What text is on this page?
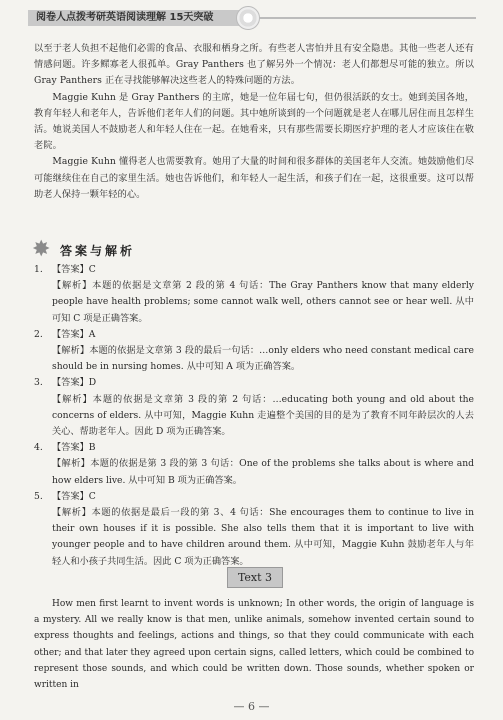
阅卷人点拨考研英语阅读理解 15天突破

以至于老人负担不起他们必需的食品、衣服和栖身之所。有些老人害怕并且有安全隐患。其他一些老人还有情感问题。许多鳏寡老人很孤单。Gray Panthers 也了解另外一个情况：老人们都想尽可能的独立。所以 Gray Panthers 正在寻找能够解决这些老人的特殊问题的方法。

Maggie Kuhn 是 Gray Panthers 的主席，她是一位年届七旬，但仍很活跃的女士。她到美国各地，教育年轻人和老年人，告诉他们老年人们的问题。其中她所谈到的一个问题就是老人在哪儿居住而且怎样生活。她说美国人不鼓励老人和年轻人住在一起。在她看来，只有那些需要长期医疗护理的老人才应该住在敬老院。

Maggie Kuhn 懂得老人也需要教育。她用了大量的时间和很多群体的美国老年人交流。她鼓励他们尽可能继续住在自己的家里生活。她也告诉他们，和年轻人一起生活，和孩子们在一起，这很重要。这可以帮助老人保持一颗年轻的心。

✸ 答案与解析
1. 【答案】C

【解析】本题的依据是文章第 2 段的第 4 句话：The Gray Panthers know that many elderly people have health problems; some cannot walk well, others cannot see or hear well. 从中可知 C 项是正确答案。

2. 【答案】A

【解析】本题的依据是文章第 3 段的最后一句话：…only elders who need constant medical care should be in nursing homes. 从中可知 A 项为正确答案。

3. 【答案】D

【解析】本题的依据是文章第 3 段的第 2 句话：…educating both young and old about the concerns of elders. 从中可知，Maggie Kuhn 走遍整个美国的目的是为了教育不同年龄层次的人去关心、帮助老年人。因此 D 项为正确答案。

4. 【答案】B

【解析】本题的依据是第 3 段的第 3 句话：One of the problems she talks about is where and how elders live. 从中可知 B 项为正确答案。

5. 【答案】C

【解析】本题的依据是最后一段的第 3、4 句话：She encourages them to continue to live in their own houses if it is possible. She also tells them that it is important to live with younger people and to have children around them. 从中可知，Maggie Kuhn 鼓励老年人与年轻人和小孩子共同生活。因此 C 项为正确答案。

Text 3

How men first learnt to invent words is unknown; In other words, the origin of language is a mystery. All we really know is that men, unlike animals, somehow invented certain sound to express thoughts and feelings, actions and things, so that they could communicate with each other; and that later they agreed upon certain signs, called letters, which could be combined to represent those sounds, and which could be written down. Those sounds, whether spoken or written in

— 6 —
